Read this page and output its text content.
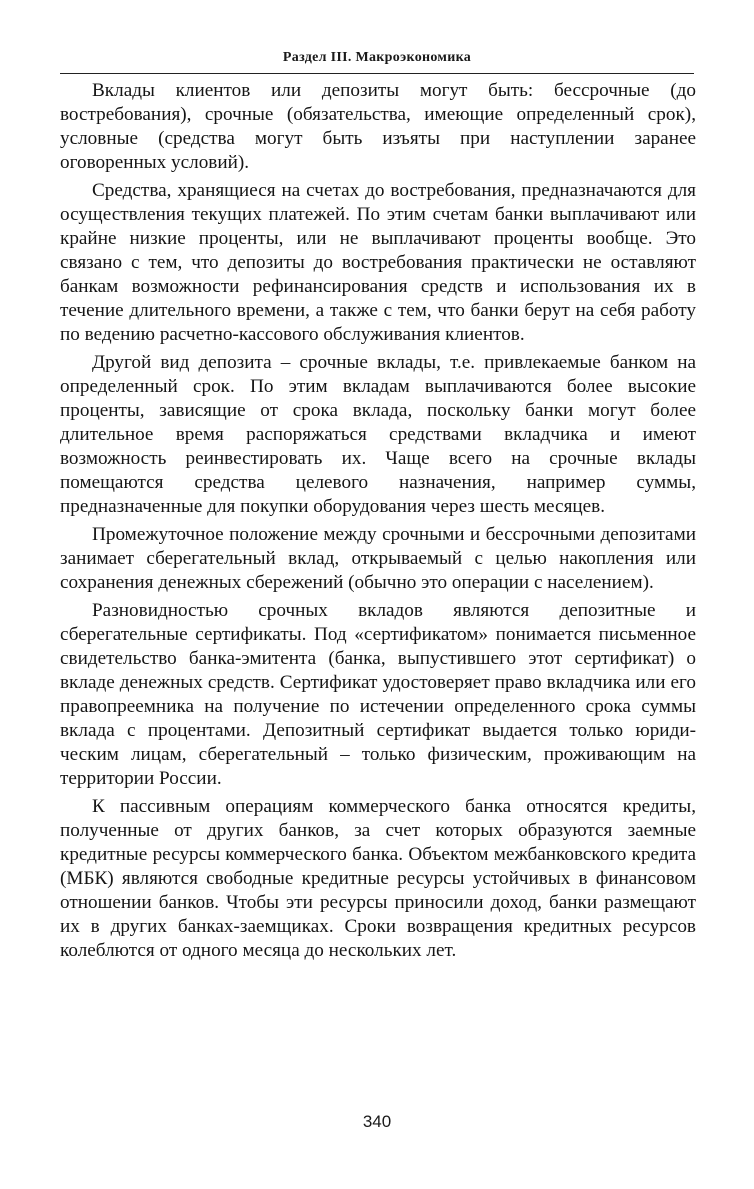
Раздел III. Макроэкономика

Вклады клиентов или депозиты могут быть: бессрочные (до востребования), срочные (обязательства, имеющие определенный срок), условные (средства могут быть изъяты при наступлении заранее оговоренных условий).

Средства, хранящиеся на счетах до востребования, предназначаются для осуществления текущих платежей. По этим счетам банки выплачивают или крайне низкие проценты, или не выплачивают проценты вообще. Это связано с тем, что депозиты до востребования практически не оставляют банкам возможности рефинансирования средств и использования их в течение длительного времени, а также с тем, что банки берут на себя работу по ведению расчетно-кассового обслуживания клиентов.

Другой вид депозита – срочные вклады, т.е. привлекаемые банком на определенный срок. По этим вкладам выплачиваются более высокие проценты, зависящие от срока вклада, поскольку банки могут более длительное время распоряжаться средствами вкладчика и имеют возможность реинвестировать их. Чаще всего на срочные вклады помещаются средства целевого назначения, например суммы, предназначенные для покупки оборудования через шесть месяцев.

Промежуточное положение между срочными и бессрочными депозитами занимает сберегательный вклад, открываемый с целью накопления или сохранения денежных сбережений (обычно это операции с населением).

Разновидностью срочных вкладов являются депозитные и сберегательные сертификаты. Под «сертификатом» понимается письменное свидетельство банка-эмитента (банка, выпустившего этот сертификат) о вкладе денежных средств. Сертификат удостоверяет право вкладчика или его правопреемника на получение по истечении определенного срока суммы вклада с процентами. Депозитный сертификат выдается только юридическим лицам, сберегательный – только физическим, проживающим на территории России.

К пассивным операциям коммерческого банка относятся кредиты, полученные от других банков, за счет которых образуются заемные кредитные ресурсы коммерческого банка. Объектом межбанковского кредита (МБК) являются свободные кредитные ресурсы устойчивых в финансовом отношении банков. Чтобы эти ресурсы приносили доход, банки размещают их в других банках-заемщиках. Сроки возвращения кредитных ресурсов колеблются от одного месяца до нескольких лет.

340
